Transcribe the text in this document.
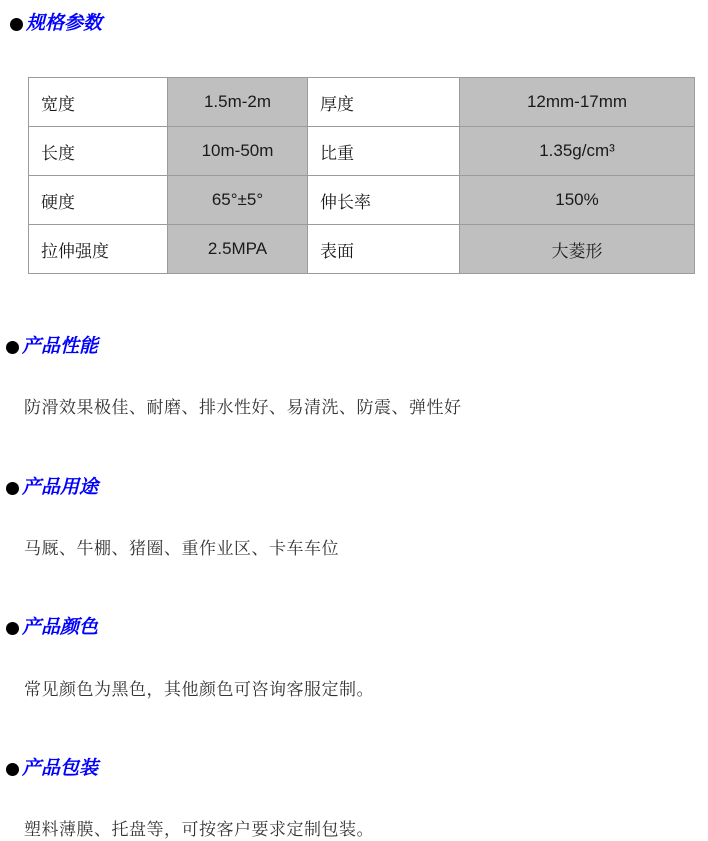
规格参数
宽度	1.5m-2m	厚度	12mm-17mm
长度	10m-50m	比重	1.35g/cm³
硬度	65°±5°	伸长率	150%
拉伸强度	2.5MPA	表面	大菱形
产品性能
防滑效果极佳、耐磨、排水性好、易清洗、防震、弹性好
产品用途
马厩、牛棚、猪圈、重作业区、卡车车位
产品颜色
常见颜色为黑色，其他颜色可咨询客服定制。
产品包装
塑料薄膜、托盘等，可按客户要求定制包装。
